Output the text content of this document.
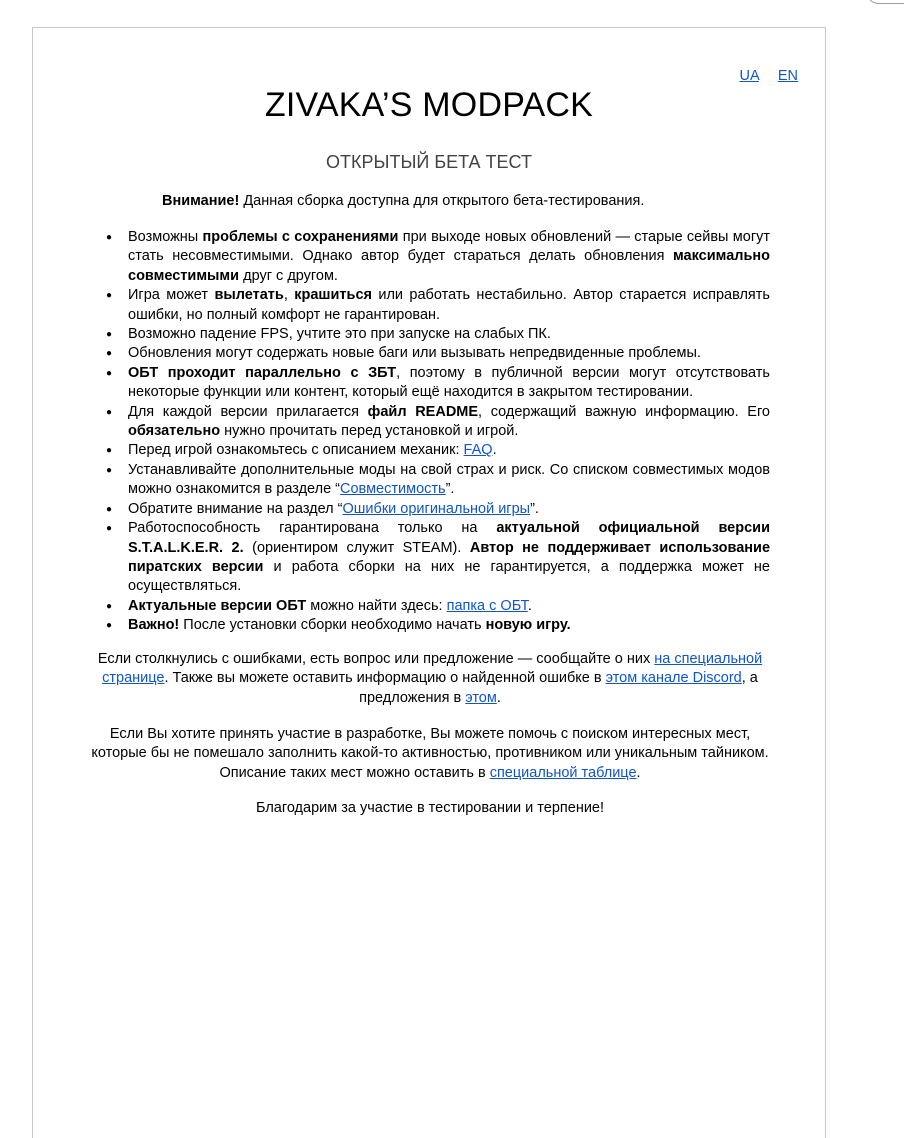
UA EN
ZIVAKA’S MODPACK
ОТКРЫТЫЙ БЕТА ТЕСТ

Внимание! Данная сборка доступна для открытого бета-тестирования.

● Возможны проблемы с сохранениями при выходе новых обновлений — старые сейвы могут стать несовместимыми. Однако автор будет стараться делать обновления максимально совместимыми друг с другом.
● Игра может вылетать, крашиться или работать нестабильно. Автор старается исправлять ошибки, но полный комфорт не гарантирован.
● Возможно падение FPS, учтите это при запуске на слабых ПК.
● Обновления могут содержать новые баги или вызывать непредвиденные проблемы.
● ОБТ проходит параллельно с ЗБТ, поэтому в публичной версии могут отсутствовать некоторые функции или контент, который ещё находится в закрытом тестировании.
● Для каждой версии прилагается файл README, содержащий важную информацию. Его обязательно нужно прочитать перед установкой и игрой.
● Перед игрой ознакомьтесь с описанием механик: FAQ.
● Устанавливайте дополнительные моды на свой страх и риск. Со списком совместимых модов можно ознакомится в разделе “Совместимость”.
● Обратите внимание на раздел “Ошибки оригинальной игры”.
● Работоспособность гарантирована только на актуальной официальной версии S.T.A.L.K.E.R. 2. (ориентиром служит STEAM). Автор не поддерживает использование пиратских версии и работа сборки на них не гарантируется, а поддержка может не осуществляться.
● Актуальные версии ОБТ можно найти здесь: папка с ОБТ.
● Важно! После установки сборки необходимо начать новую игру.

Если столкнулись с ошибками, есть вопрос или предложение — сообщайте о них на специальной странице. Также вы можете оставить информацию о найденной ошибке в этом канале Discord, а предложения в этом.

Если Вы хотите принять участие в разработке, Вы можете помочь с поиском интересных мест, которые бы не помешало заполнить какой-то активностью, противником или уникальным тайником. Описание таких мест можно оставить в специальной таблице.

Благодарим за участие в тестировании и терпение!
